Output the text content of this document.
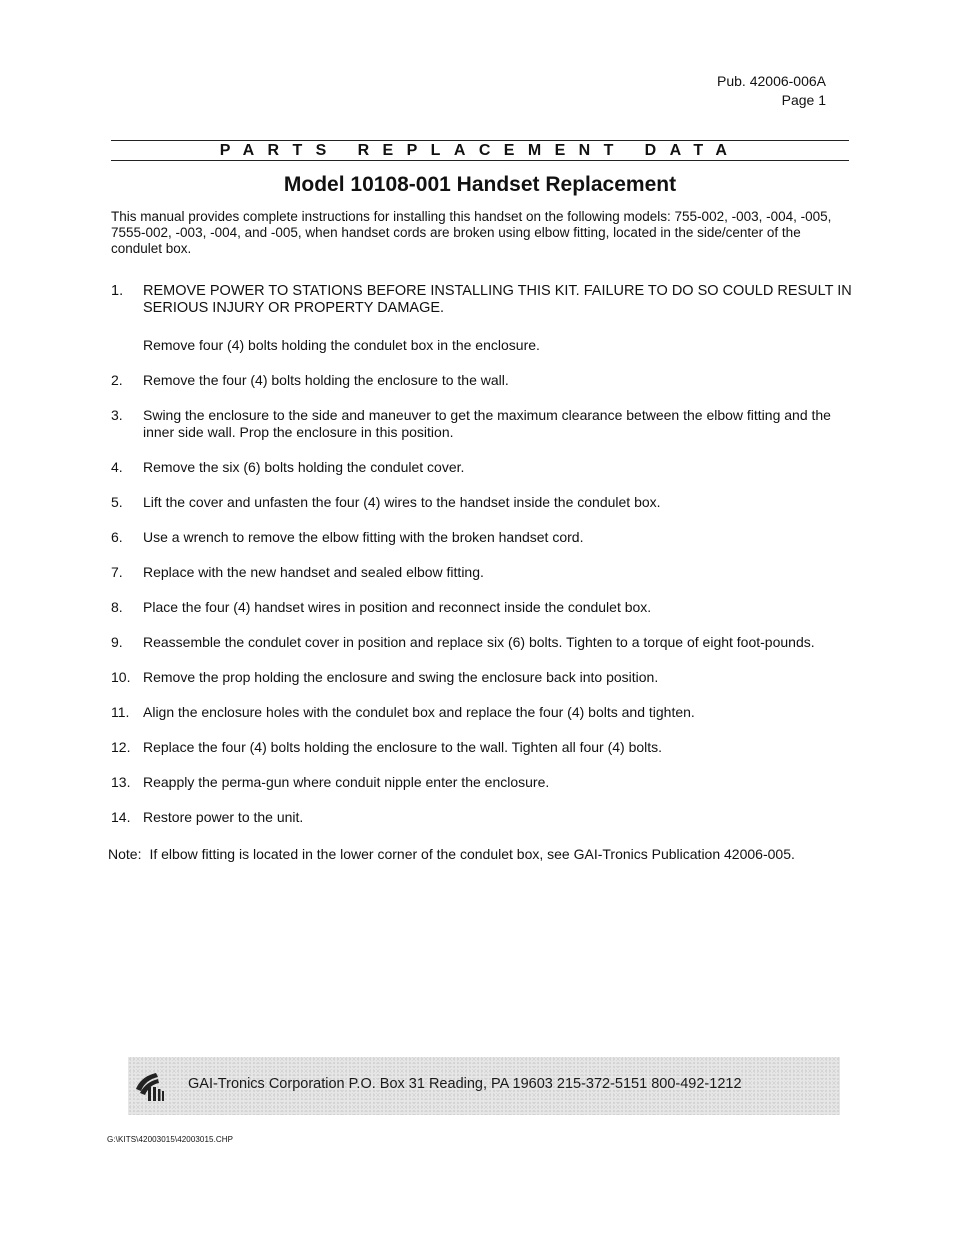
Pub. 42006-006A
Page 1
PARTS REPLACEMENT DATA
Model 10108-001 Handset Replacement
This manual provides complete instructions for installing this handset on the following models: 755-002, -003, -004, -005, 7555-002, -003, -004, and -005, when handset cords are broken using elbow fitting, located in the side/center of the condulet box.
1. REMOVE POWER TO STATIONS BEFORE INSTALLING THIS KIT. FAILURE TO DO SO COULD RESULT IN SERIOUS INJURY OR PROPERTY DAMAGE.
2. Remove the four (4) bolts holding the enclosure to the wall.
3. Swing the enclosure to the side and maneuver to get the maximum clearance between the elbow fitting and the inner side wall. Prop the enclosure in this position.
4. Remove the six (6) bolts holding the condulet cover.
5. Lift the cover and unfasten the four (4) wires to the handset inside the condulet box.
6. Use a wrench to remove the elbow fitting with the broken handset cord.
7. Replace with the new handset and sealed elbow fitting.
8. Place the four (4) handset wires in position and reconnect inside the condulet box.
9. Reassemble the condulet cover in position and replace six (6) bolts. Tighten to a torque of eight foot-pounds.
10. Remove the prop holding the enclosure and swing the enclosure back into position.
11. Align the enclosure holes with the condulet box and replace the four (4) bolts and tighten.
12. Replace the four (4) bolts holding the enclosure to the wall. Tighten all four (4) bolts.
13. Reapply the perma-gun where conduit nipple enter the enclosure.
14. Restore power to the unit.
Remove four (4) bolts holding the condulet box in the enclosure.
Note: If elbow fitting is located in the lower corner of the condulet box, see GAI-Tronics Publication 42006-005.
GAI-Tronics Corporation P.O. Box 31 Reading, PA 19603 215-372-5151 800-492-1212
G:\KITS\42003015\42003015.CHP
